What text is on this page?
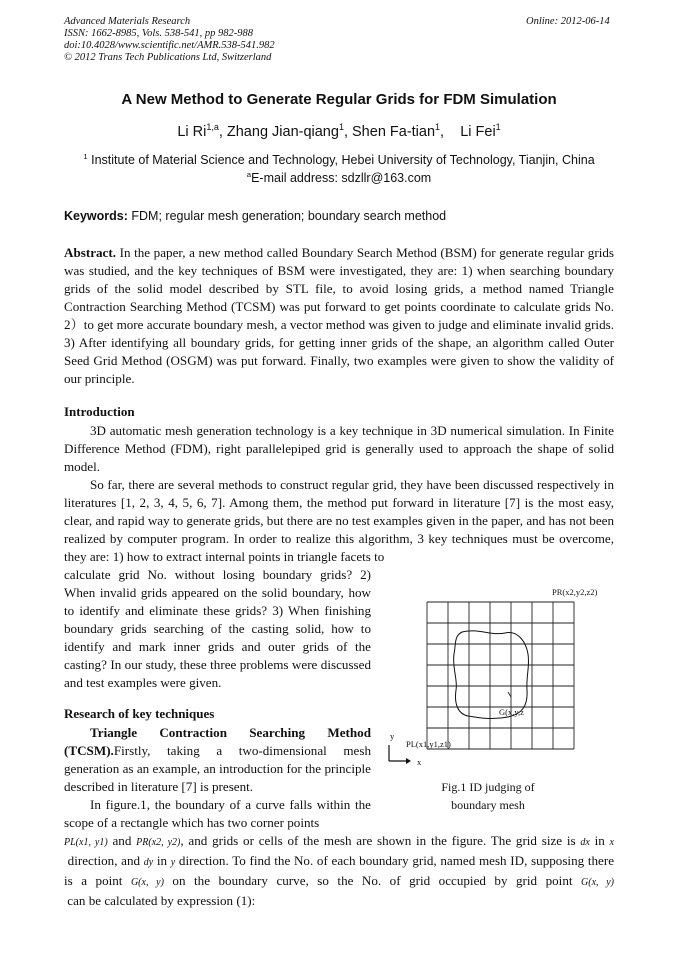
Advanced Materials Research
ISSN: 1662-8985, Vols. 538-541, pp 982-988
doi:10.4028/www.scientific.net/AMR.538-541.982
© 2012 Trans Tech Publications Ltd, Switzerland
Online: 2012-06-14
A New Method to Generate Regular Grids for FDM Simulation
Li Ri$^{1,a}$, Zhang Jian-qiang$^1$, Shen Fa-tian$^1$,    Li Fei$^1$
$^1$ Institute of Material Science and Technology, Hebei University of Technology, Tianjin, China
$^a$E-mail address: sdzllr@163.com
Keywords: FDM; regular mesh generation; boundary search method
Abstract. In the paper, a new method called Boundary Search Method (BSM) for generate regular grids was studied, and the key techniques of BSM were investigated, they are: 1) when searching boundary grids of the solid model described by STL file, to avoid losing grids, a method named Triangle Contraction Searching Method (TCSM) was put forward to get points coordinate to calculate grids No. 2）to get more accurate boundary mesh, a vector method was given to judge and eliminate invalid grids. 3) After identifying all boundary grids, for getting inner grids of the shape, an algorithm called Outer Seed Grid Method (OSGM) was put forward. Finally, two examples were given to show the validity of our principle.
Introduction
3D automatic mesh generation technology is a key technique in 3D numerical simulation. In Finite Difference Method (FDM), right parallelepiped grid is generally used to approach the shape of solid model.
So far, there are several methods to construct regular grid, they have been discussed respectively in literatures [1, 2, 3, 4, 5, 6, 7]. Among them, the method put forward in literature [7] is the most easy, clear, and rapid way to generate grids, but there are no test examples given in the paper, and has not been realized by computer program. In order to realize this algorithm, 3 key techniques must be overcome, they are: 1) how to extract internal points in triangle facets to
calculate grid No. without losing boundary grids? 2) When invalid grids appeared on the solid boundary, how to identify and eliminate these grids? 3) When finishing boundary grids searching of the casting solid, how to identify and mark inner grids and outer grids of the casting? In our study, these three problems were discussed and test examples were given.
Research of key techniques
Triangle Contraction Searching Method (TCSM).Firstly, taking a two-dimensional mesh generation as an example, an introduction for the principle described in literature [7] is present.
In figure.1, the boundary of a curve falls within the scope of a rectangle which has two corner points
PL(x1, y1) and PR(x2, y2), and grids or cells of the mesh are shown in the figure. The grid size is dx in x direction, and dy in y direction. To find the No. of each boundary grid, named mesh ID, supposing there is a point G(x, y) on the boundary curve, so the No. of grid occupied by grid point G(x, y) can be calculated by expression (1):
PR(x2,y2,z2)
PL(x1,y1,z1)
G(x,y,z
y
x
Fig.1 ID judging of boundary mesh
